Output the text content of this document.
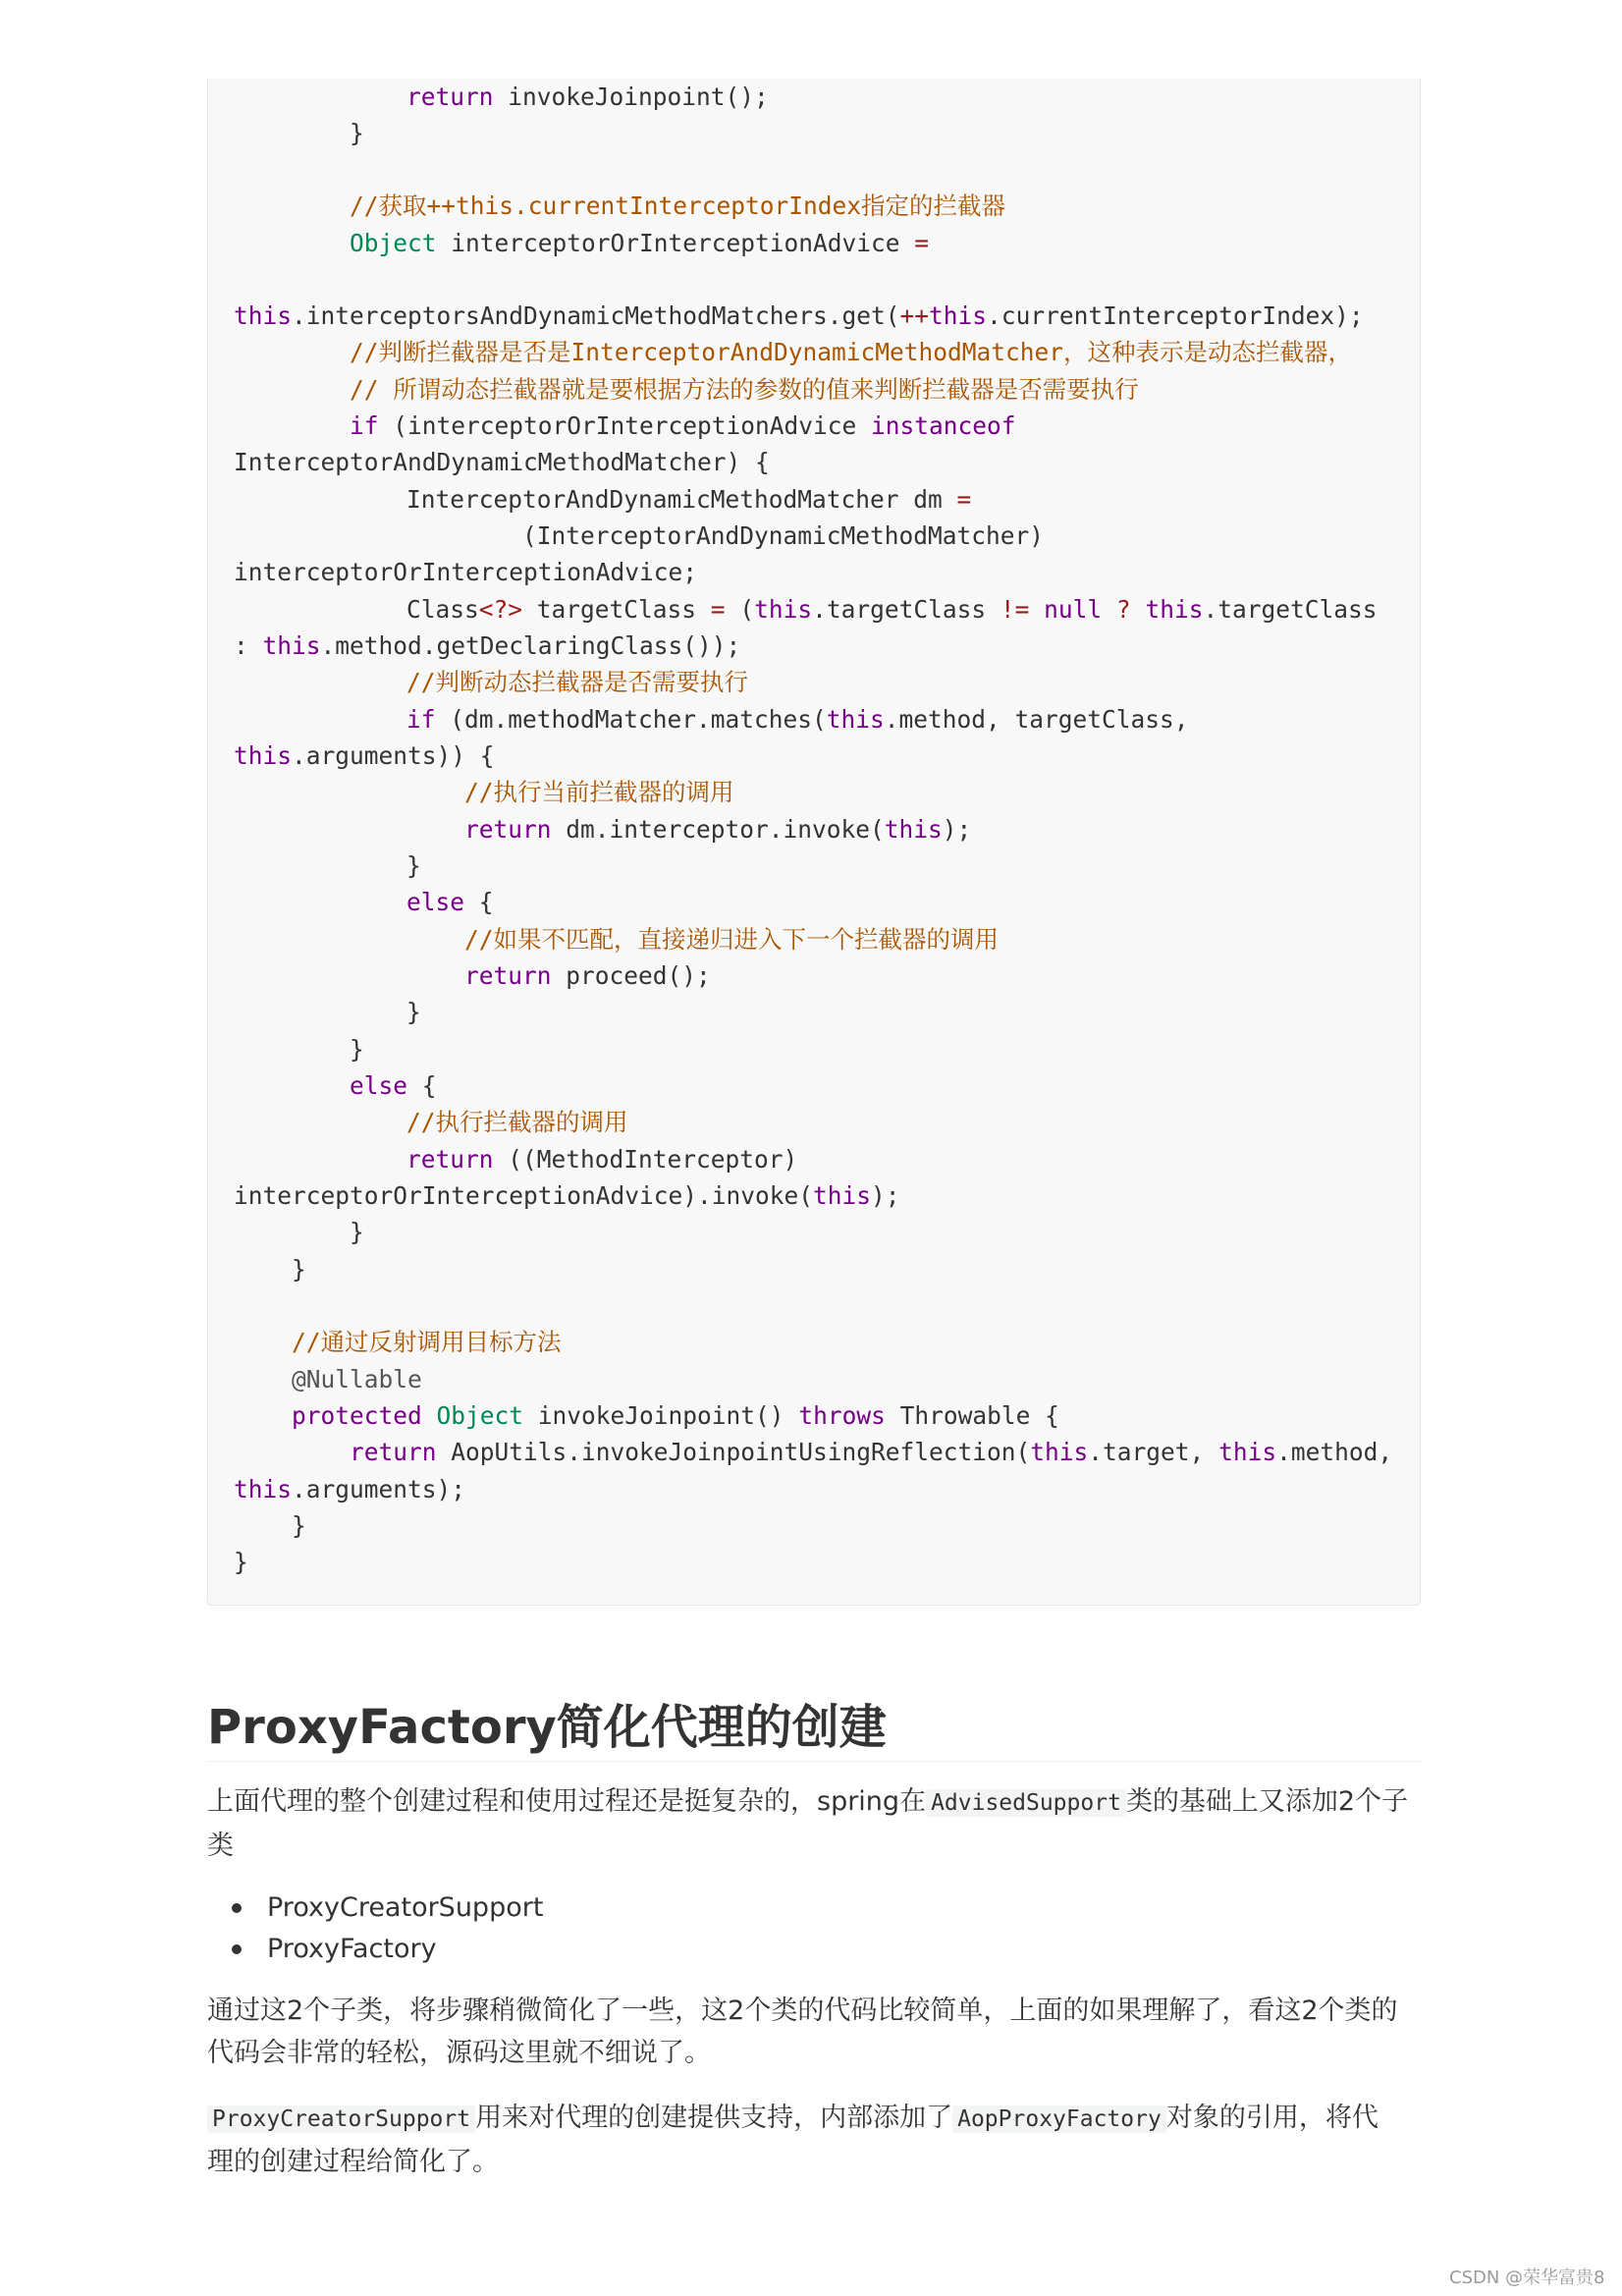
return invokeJoinpoint();
}
//获取++this.currentInterceptorIndex指定的拦截器
Object interceptorOrInterceptionAdvice =
this.interceptorsAndDynamicMethodMatchers.get(++this.currentInterceptorIndex);
//判断拦截器是否是InterceptorAndDynamicMethodMatcher，这种表示是动态拦截器，
// 所谓动态拦截器就是要根据方法的参数的值来判断拦截器是否需要执行
if (interceptorOrInterceptionAdvice instanceof
InterceptorAndDynamicMethodMatcher) {
InterceptorAndDynamicMethodMatcher dm =
(InterceptorAndDynamicMethodMatcher)
interceptorOrInterceptionAdvice;
Class<?> targetClass = (this.targetClass != null ? this.targetClass
: this.method.getDeclaringClass());
//判断动态拦截器是否需要执行
if (dm.methodMatcher.matches(this.method, targetClass,
this.arguments)) {
//执行当前拦截器的调用
return dm.interceptor.invoke(this);
}
else {
//如果不匹配，直接递归进入下一个拦截器的调用
return proceed();
}
}
else {
//执行拦截器的调用
return ((MethodInterceptor)
interceptorOrInterceptionAdvice).invoke(this);
}
}
//通过反射调用目标方法
@Nullable
protected Object invokeJoinpoint() throws Throwable {
return AopUtils.invokeJoinpointUsingReflection(this.target, this.method,
this.arguments);
}
}
ProxyFactory简化代理的创建

上面代理的整个创建过程和使用过程还是挺复杂的，spring在 AdvisedSupport 类的基础上又添加2个子
类

ProxyCreatorSupport
ProxyFactory

通过这2个子类，将步骤稍微简化了一些，这2个类的代码比较简单，上面的如果理解了，看这2个类的
代码会非常的轻松，源码这里就不细说了。

ProxyCreatorSupport 用来对代理的创建提供支持，内部添加了 AopProxyFactory 对象的引用，将代
理的创建过程给简化了。

CSDN @荣华富贵8
